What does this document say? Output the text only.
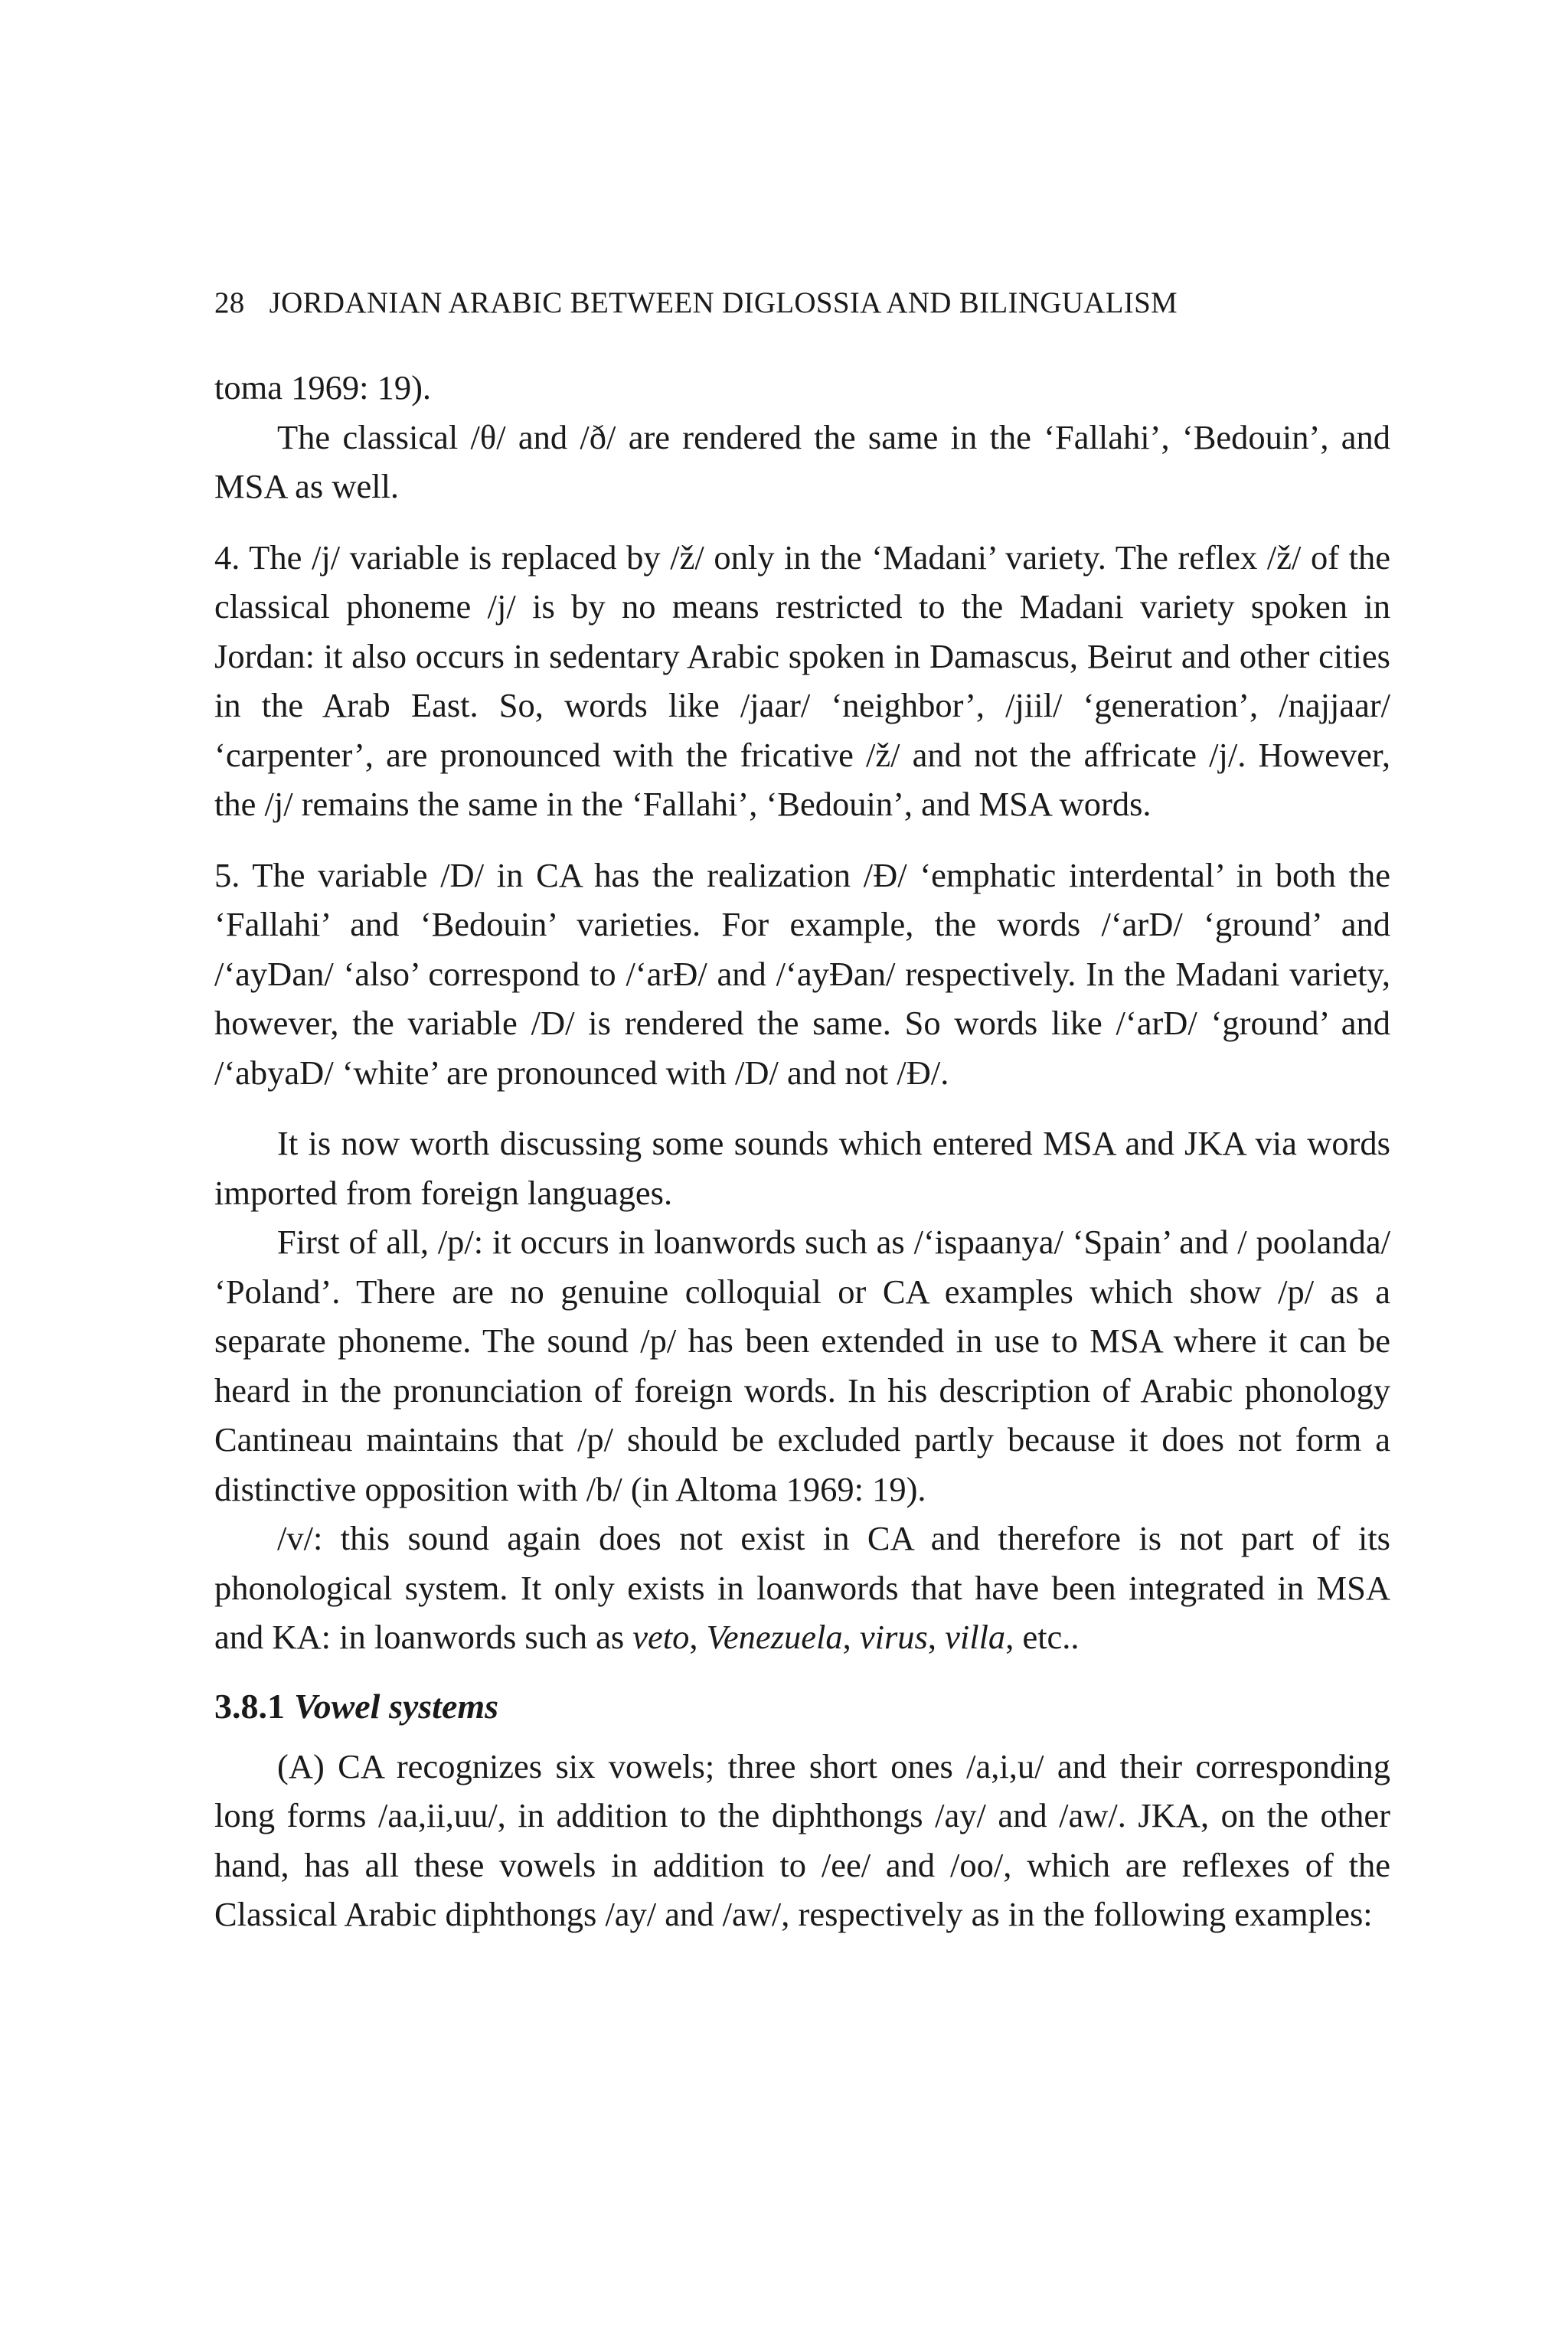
28 JORDANIAN ARABIC BETWEEN DIGLOSSIA AND BILINGUALISM

toma 1969: 19).

The classical /θ/ and /ð/ are rendered the same in the ‘Fallahi’, ‘Bedouin’, and MSA as well.

4. The /j/ variable is replaced by /ž/ only in the ‘Madani’ variety. The reflex /ž/ of the classical phoneme /j/ is by no means restricted to the Madani variety spoken in Jordan: it also occurs in sedentary Arabic spoken in Damascus, Beirut and other cities in the Arab East. So, words like /jaar/ ‘neighbor’, /jiil/ ‘generation’, /najjaar/ ‘carpenter’, are pronounced with the fricative /ž/ and not the affricate /j/. However, the /j/ remains the same in the ‘Fallahi’, ‘Bedouin’, and MSA words.

5. The variable /D/ in CA has the realization /Ð/ ‘emphatic interdental’ in both the ‘Fallahi’ and ‘Bedouin’ varieties. For example, the words /‘arD/ ‘ground’ and /‘ayDan/ ‘also’ correspond to /‘arÐ/ and /‘ayÐan/ respectively. In the Madani variety, however, the variable /D/ is rendered the same. So words like /‘arD/ ‘ground’ and /‘abyaD/ ‘white’ are pronounced with /D/ and not /Ð/.

It is now worth discussing some sounds which entered MSA and JKA via words imported from foreign languages.

First of all, /p/: it occurs in loanwords such as /‘ispaanya/ ‘Spain’ and / poolanda/ ‘Poland’. There are no genuine colloquial or CA examples which show /p/ as a separate phoneme. The sound /p/ has been extended in use to MSA where it can be heard in the pronunciation of foreign words. In his description of Arabic phonology Cantineau maintains that /p/ should be excluded partly because it does not form a distinctive opposition with /b/ (in Altoma 1969: 19).

/v/: this sound again does not exist in CA and therefore is not part of its phonological system. It only exists in loanwords that have been integrated in MSA and KA: in loanwords such as veto, Venezuela, virus, villa, etc..

3.8.1 Vowel systems

(A) CA recognizes six vowels; three short ones /a,i,u/ and their corresponding long forms /aa,ii,uu/, in addition to the diphthongs /ay/ and /aw/. JKA, on the other hand, has all these vowels in addition to /ee/ and /oo/, which are reflexes of the Classical Arabic diphthongs /ay/ and /aw/, respectively as in the following examples:
